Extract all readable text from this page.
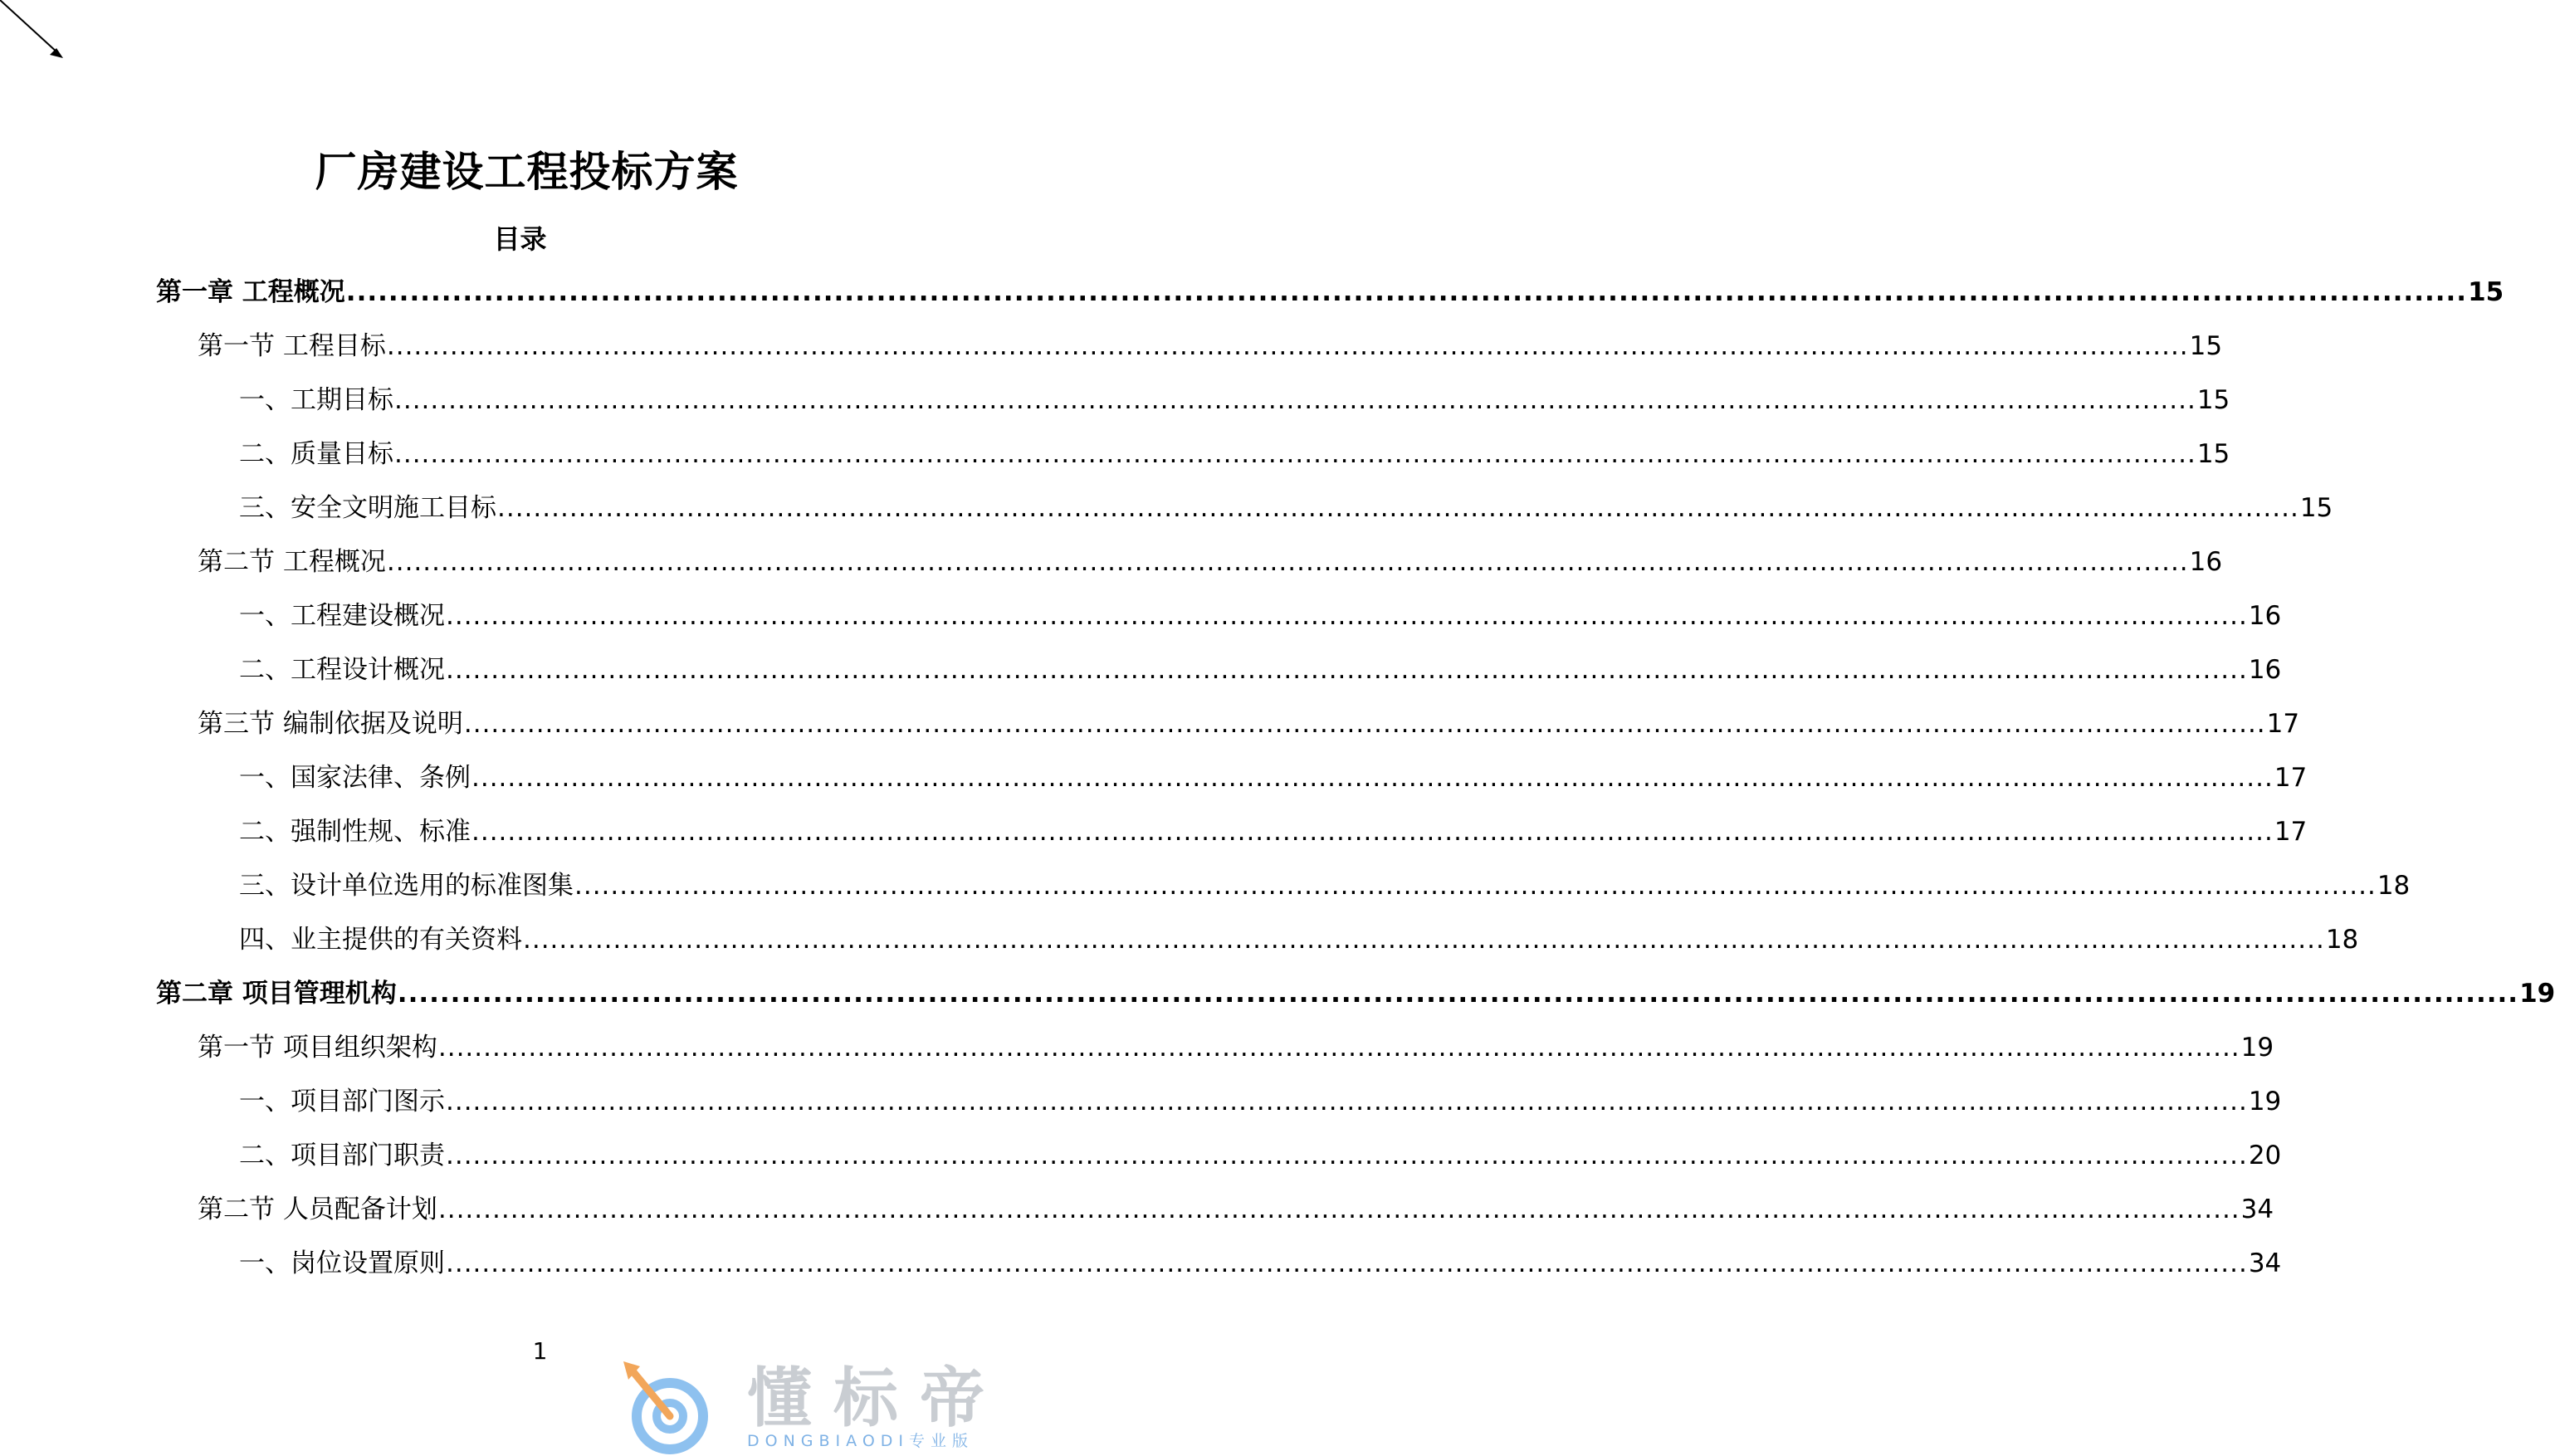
厂房建设工程投标方案
目录
第一章 工程概况 ........................................................................................................................................................................................................ 15
第一节 工程目标 ........................................................................................................................................................................................................ 15
一、工期目标 ........................................................................................................................................................................................................ 15
二、质量目标 ........................................................................................................................................................................................................ 15
三、安全文明施工目标 ........................................................................................................................................................................................................ 15
第二节 工程概况 ........................................................................................................................................................................................................ 16
一、工程建设概况 ........................................................................................................................................................................................................ 16
二、工程设计概况 ........................................................................................................................................................................................................ 16
第三节 编制依据及说明 ........................................................................................................................................................................................................ 17
一、国家法律、条例 ........................................................................................................................................................................................................ 17
二、强制性规、标准 ........................................................................................................................................................................................................ 17
三、设计单位选用的标准图集 ........................................................................................................................................................................................................ 18
四、业主提供的有关资料 ........................................................................................................................................................................................................ 18
第二章 项目管理机构 ........................................................................................................................................................................................................ 19
第一节 项目组织架构 ........................................................................................................................................................................................................ 19
一、项目部门图示 ........................................................................................................................................................................................................ 19
二、项目部门职责 ........................................................................................................................................................................................................ 20
第二节 人员配备计划 ........................................................................................................................................................................................................ 34
一、岗位设置原则 ........................................................................................................................................................................................................ 34
1
懂标帝
DONGBIAODI专业版
